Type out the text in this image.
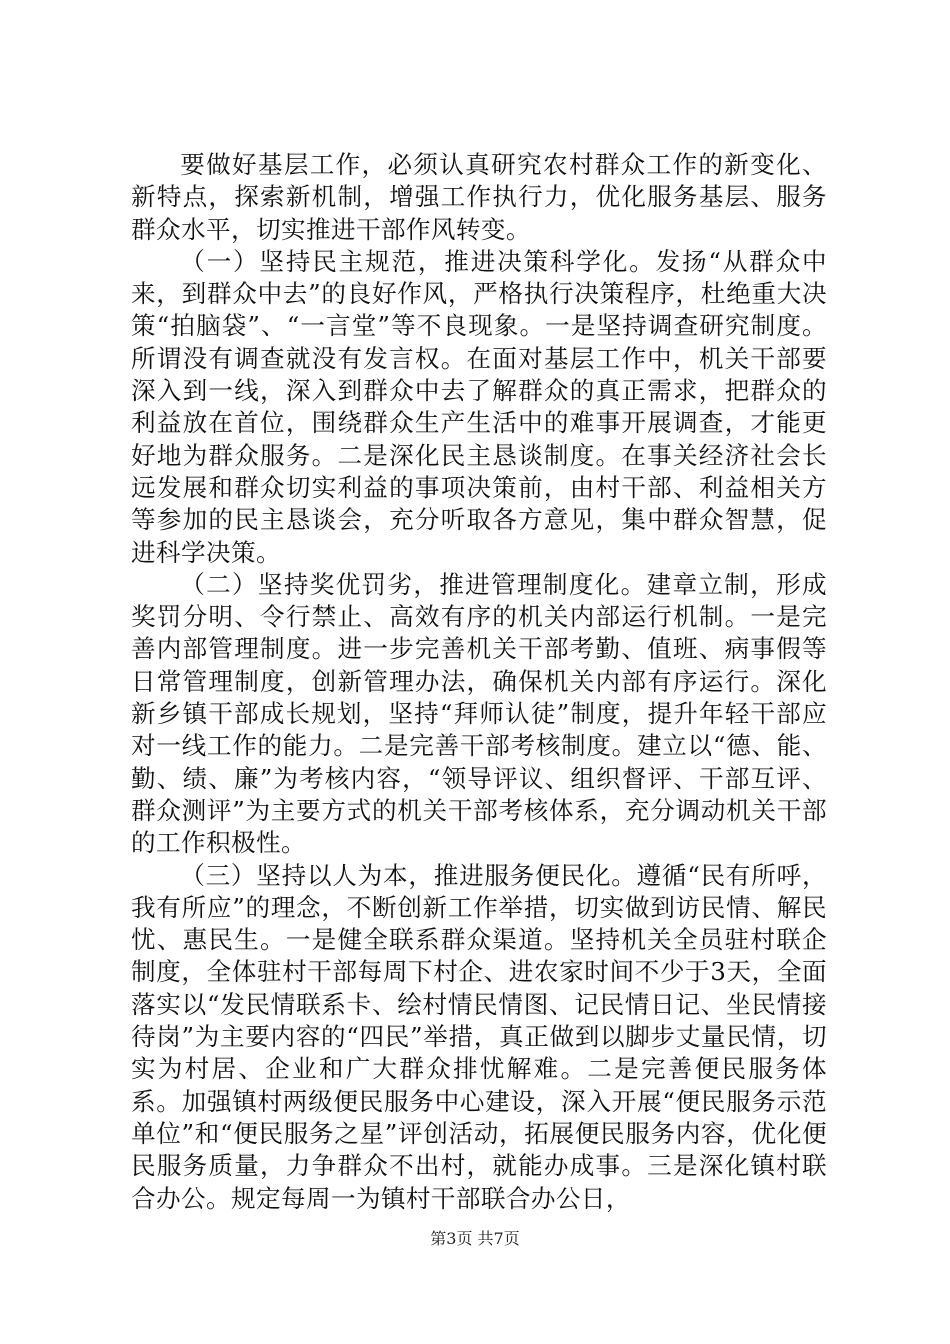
要做好基层工作，必须认真研究农村群众工作的新变化、新特点，探索新机制，增强工作执行力，优化服务基层、服务群众水平，切实推进干部作风转变。

（一）坚持民主规范，推进决策科学化。发扬“从群众中来，到群众中去”的良好作风，严格执行决策程序，杜绝重大决策“拍脑袋”、“一言堂”等不良现象。一是坚持调查研究制度。所谓没有调查就没有发言权。在面对基层工作中，机关干部要深入到一线，深入到群众中去了解群众的真正需求，把群众的利益放在首位，围绕群众生产生活中的难事开展调查，才能更好地为群众服务。二是深化民主恳谈制度。在事关经济社会长远发展和群众切实利益的事项决策前，由村干部、利益相关方等参加的民主恳谈会，充分听取各方意见，集中群众智慧，促进科学决策。

（二）坚持奖优罚劣，推进管理制度化。建章立制，形成奖罚分明、令行禁止、高效有序的机关内部运行机制。一是完善内部管理制度。进一步完善机关干部考勤、值班、病事假等日常管理制度，创新管理办法，确保机关内部有序运行。深化新乡镇干部成长规划，坚持“拜师认徒”制度，提升年轻干部应对一线工作的能力。二是完善干部考核制度。建立以“德、能、勤、绩、廉”为考核内容，“领导评议、组织督评、干部互评、群众测评”为主要方式的机关干部考核体系，充分调动机关干部的工作积极性。

（三）坚持以人为本，推进服务便民化。遵循“民有所呼，我有所应”的理念，不断创新工作举措，切实做到访民情、解民忧、惠民生。一是健全联系群众渠道。坚持机关全员驻村联企制度，全体驻村干部每周下村企、进农家时间不少于3天，全面落实以“发民情联系卡、绘村情民情图、记民情日记、坐民情接待岗”为主要内容的“四民”举措，真正做到以脚步丈量民情，切实为村居、企业和广大群众排忧解难。二是完善便民服务体系。加强镇村两级便民服务中心建设，深入开展“便民服务示范单位”和“便民服务之星”评创活动，拓展便民服务内容，优化便民服务质量，力争群众不出村，就能办成事。三是深化镇村联合办公。规定每周一为镇村干部联合办公日，

第3页 共7页
